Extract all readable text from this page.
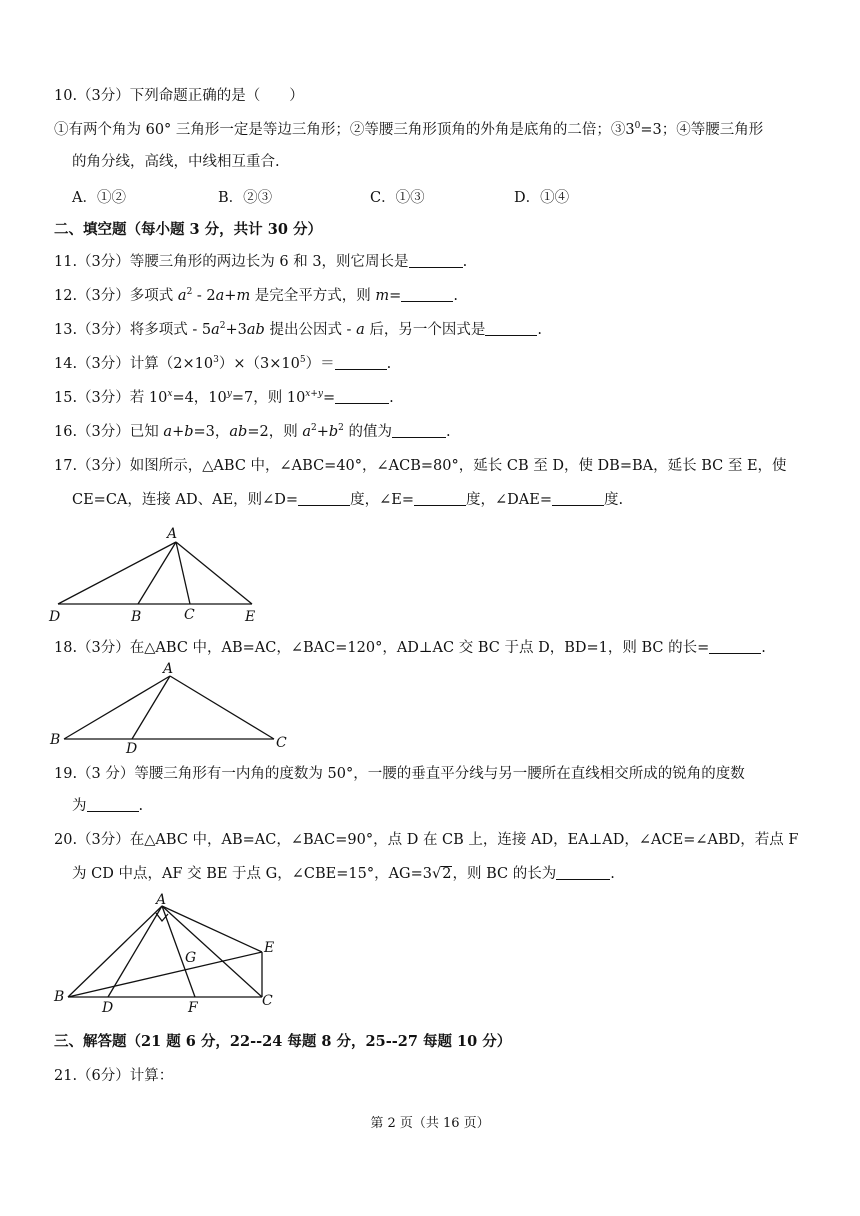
10.（3分）下列命题正确的是（　　）
①有两个角为 60° 三角形一定是等边三角形；②等腰三角形顶角的外角是底角的二倍；$③3^0=3$；④等腰三角形
的角分线，高线，中线相互重合.
A．①②	B．②③	C．①③	D．①④
二、填空题（每小题 3 分，共计 30 分）
11.（3分）等腰三角形的两边长为 6 和 3，则它周长是	.
12.（3分）多项式 $a^2 - 2a+m$ 是完全平方式，则 m=	.
13.（3分）将多项式 - $5a^2+3ab$ 提出公因式 - a 后，另一个因式是	.
14.（3分）计算$(2\times 10^3)\times(3\times 10^5)=$	.
15.（3分）若 $10^x=4$，$10^y=7$，则 $10^{x+y}=$	.
16.（3分）已知 a+b=3，ab=2，则 $a^2+b^2$ 的值为	.
17.（3分）如图所示，△ABC 中，∠ABC=40°，∠ACB=80°，延长 CB 至 D，使 DB=BA，延长 BC 至 E，使
CE=CA，连接 AD、AE，则∠D=	度，∠E=	度，∠DAE=	度.
A
D	B	C	E
18.（3分）在△ABC 中，AB=AC，∠BAC=120°，AD⊥AC 交 BC 于点 D，BD=1，则 BC 的长=	.
A
B
D	C
19.（3 分）等腰三角形有一内角的度数为 50°，一腰的垂直平分线与另一腰所在直线相交所成的锐角的度数
为	.
20.（3分）在△ABC 中，AB=AC，∠BAC=90°，点 D 在 CB 上，连接 AD，EA⊥AD，∠ACE=∠ABD，若点 F
为 CD 中点，AF 交 BE 于点 G，∠CBE=15°，AG=3√2，则 BC 的长为	.
A
E
G
B
D	F	C
三、解答题（21 题 6 分，22--24 每题 8 分，25--27 每题 10 分）
21.（6分）计算：
第 2 页（共 16 页）
